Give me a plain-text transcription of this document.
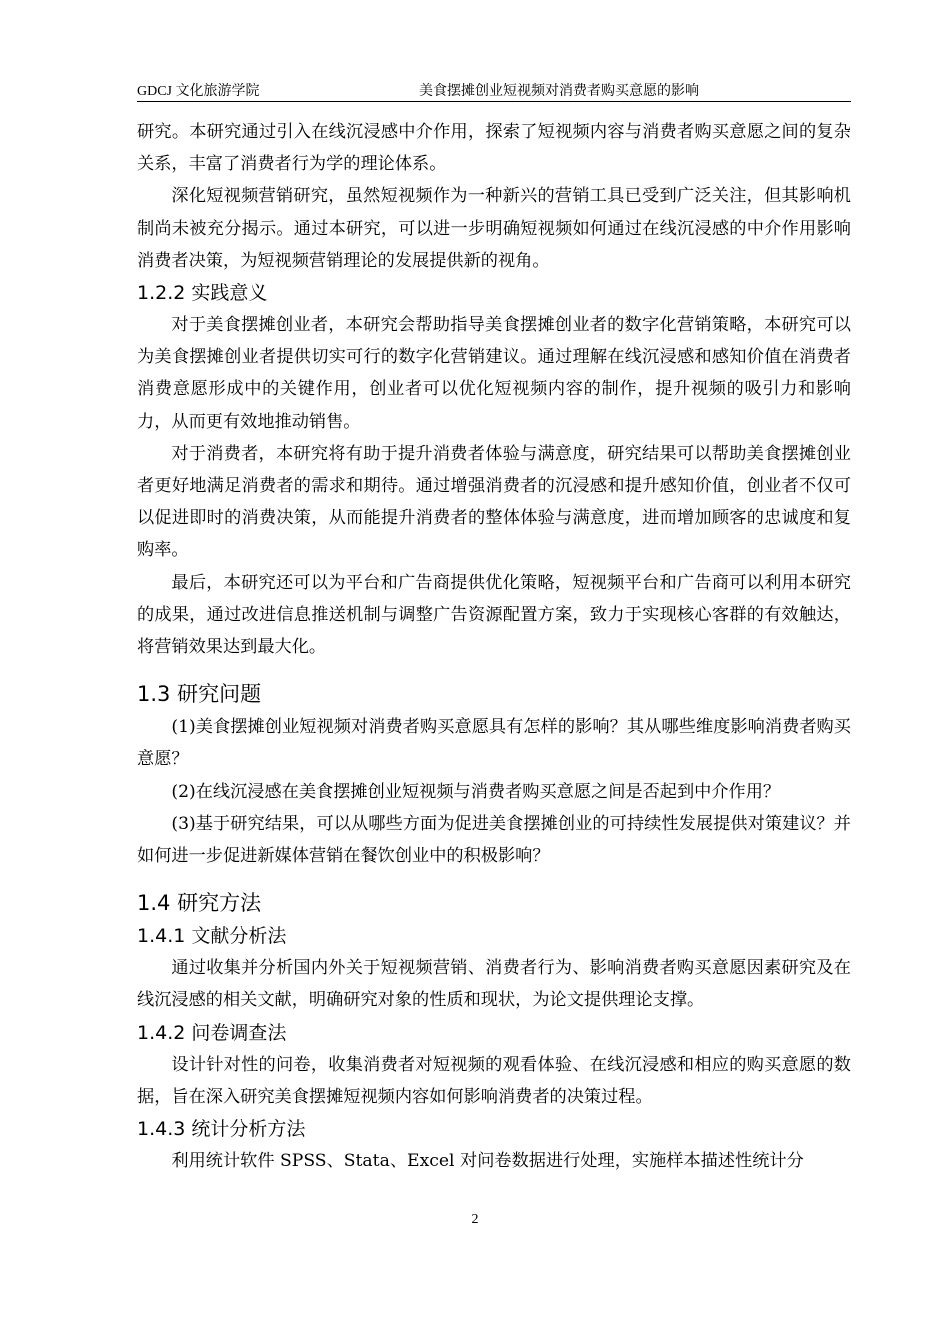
GDCJ 文化旅游学院	美食摆摊创业短视频对消费者购买意愿的影响

研究。本研究通过引入在线沉浸感中介作用，探索了短视频内容与消费者购买意愿之间的复杂关系，丰富了消费者行为学的理论体系。

深化短视频营销研究，虽然短视频作为一种新兴的营销工具已受到广泛关注，但其影响机制尚未被充分揭示。通过本研究，可以进一步明确短视频如何通过在线沉浸感的中介作用影响消费者决策，为短视频营销理论的发展提供新的视角。

1.2.2 实践意义

对于美食摆摊创业者，本研究会帮助指导美食摆摊创业者的数字化营销策略，本研究可以为美食摆摊创业者提供切实可行的数字化营销建议。通过理解在线沉浸感和感知价值在消费者消费意愿形成中的关键作用，创业者可以优化短视频内容的制作，提升视频的吸引力和影响力，从而更有效地推动销售。

对于消费者，本研究将有助于提升消费者体验与满意度，研究结果可以帮助美食摆摊创业者更好地满足消费者的需求和期待。通过增强消费者的沉浸感和提升感知价值，创业者不仅可以促进即时的消费决策，从而能提升消费者的整体体验与满意度，进而增加顾客的忠诚度和复购率。

最后，本研究还可以为平台和广告商提供优化策略，短视频平台和广告商可以利用本研究的成果，通过改进信息推送机制与调整广告资源配置方案，致力于实现核心客群的有效触达，将营销效果达到最大化。

1.3 研究问题

(1)美食摆摊创业短视频对消费者购买意愿具有怎样的影响？其从哪些维度影响消费者购买意愿？

(2)在线沉浸感在美食摆摊创业短视频与消费者购买意愿之间是否起到中介作用？

(3)基于研究结果，可以从哪些方面为促进美食摆摊创业的可持续性发展提供对策建议？并如何进一步促进新媒体营销在餐饮创业中的积极影响？

1.4 研究方法

1.4.1 文献分析法

通过收集并分析国内外关于短视频营销、消费者行为、影响消费者购买意愿因素研究及在线沉浸感的相关文献，明确研究对象的性质和现状，为论文提供理论支撑。

1.4.2 问卷调查法

设计针对性的问卷，收集消费者对短视频的观看体验、在线沉浸感和相应的购买意愿的数据，旨在深入研究美食摆摊短视频内容如何影响消费者的决策过程。

1.4.3 统计分析方法

利用统计软件 SPSS、Stata、Excel 对问卷数据进行处理，实施样本描述性统计分

2
